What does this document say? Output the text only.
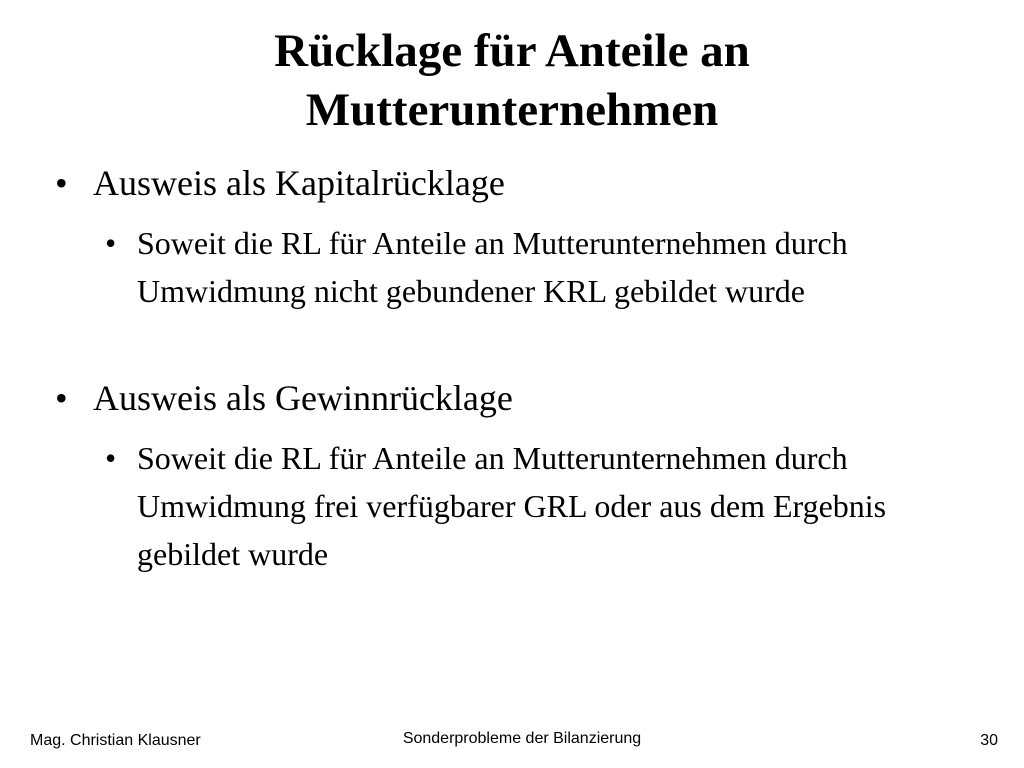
Rücklage für Anteile an
Mutterunternehmen
• Ausweis als Kapitalrücklage
• Soweit die RL für Anteile an Mutterunternehmen durch Umwidmung nicht gebundener KRL gebildet wurde
• Ausweis als Gewinnrücklage
• Soweit die RL für Anteile an Mutterunternehmen durch Umwidmung frei verfügbarer GRL oder aus dem Ergebnis gebildet wurde
Mag. Christian Klausner	Sonderprobleme der Bilanzierung	30
